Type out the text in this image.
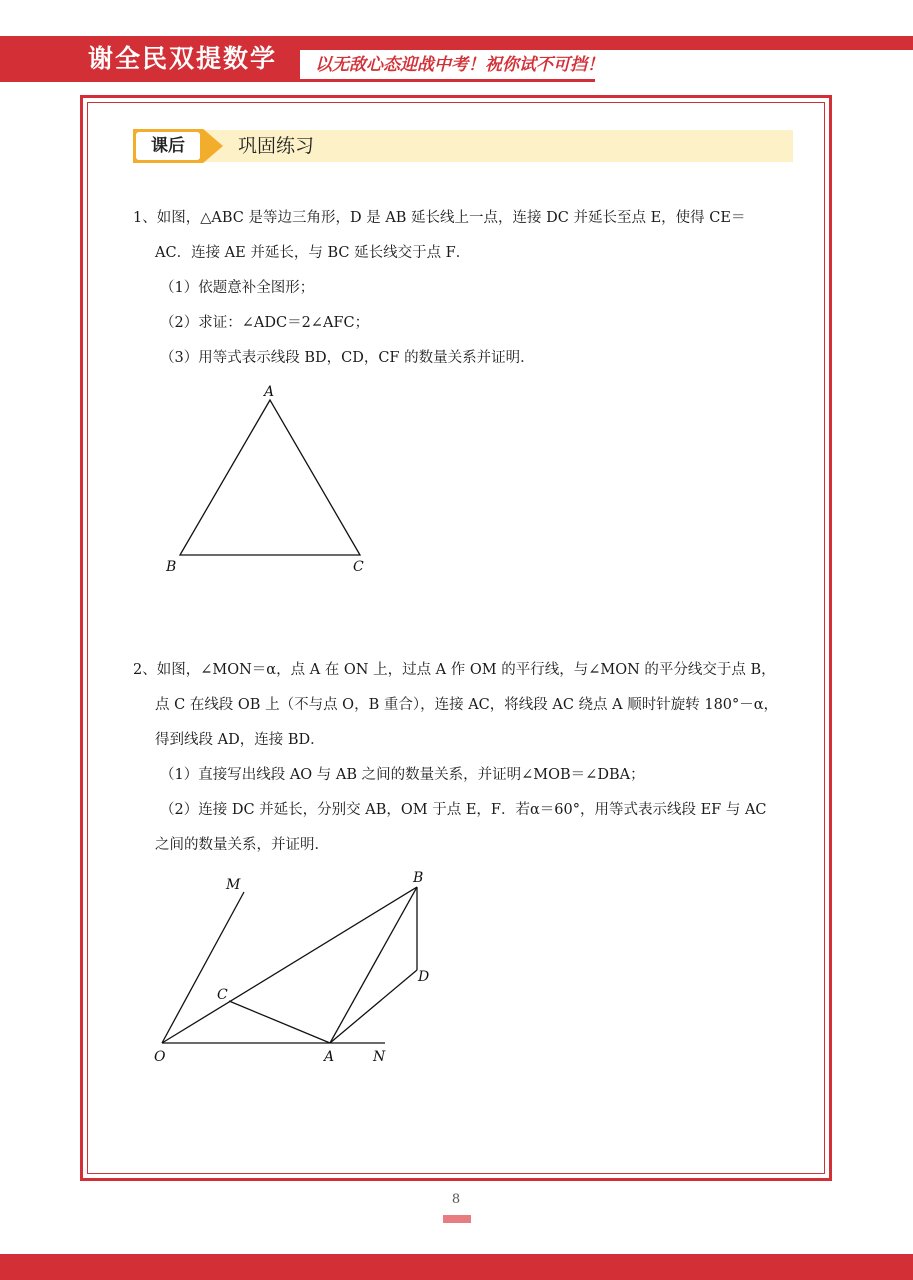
谢全民双提数学 以无敌心态迎战中考！祝你试不可挡！
课后	巩固练习
1、如图，△ABC 是等边三角形，D 是 AB 延长线上一点，连接 DC 并延长至点 E，使得 CE＝
AC．连接 AE 并延长，与 BC 延长线交于点 F．
（1）依题意补全图形；
（2）求证：∠ADC＝2∠AFC；
（3）用等式表示线段 BD，CD，CF 的数量关系并证明．
A
B	C
2、如图，∠MON＝α，点 A 在 ON 上，过点 A 作 OM 的平行线，与∠MON 的平分线交于点 B，
点 C 在线段 OB 上（不与点 O，B 重合），连接 AC，将线段 AC 绕点 A 顺时针旋转 180°－α，
得到线段 AD，连接 BD．
（1）直接写出线段 AO 与 AB 之间的数量关系，并证明∠MOB＝∠DBA；
（2）连接 DC 并延长，分别交 AB，OM 于点 E，F．若α＝60°，用等式表示线段 EF 与 AC
之间的数量关系，并证明．
M	B
C
D
O	A	N
8
